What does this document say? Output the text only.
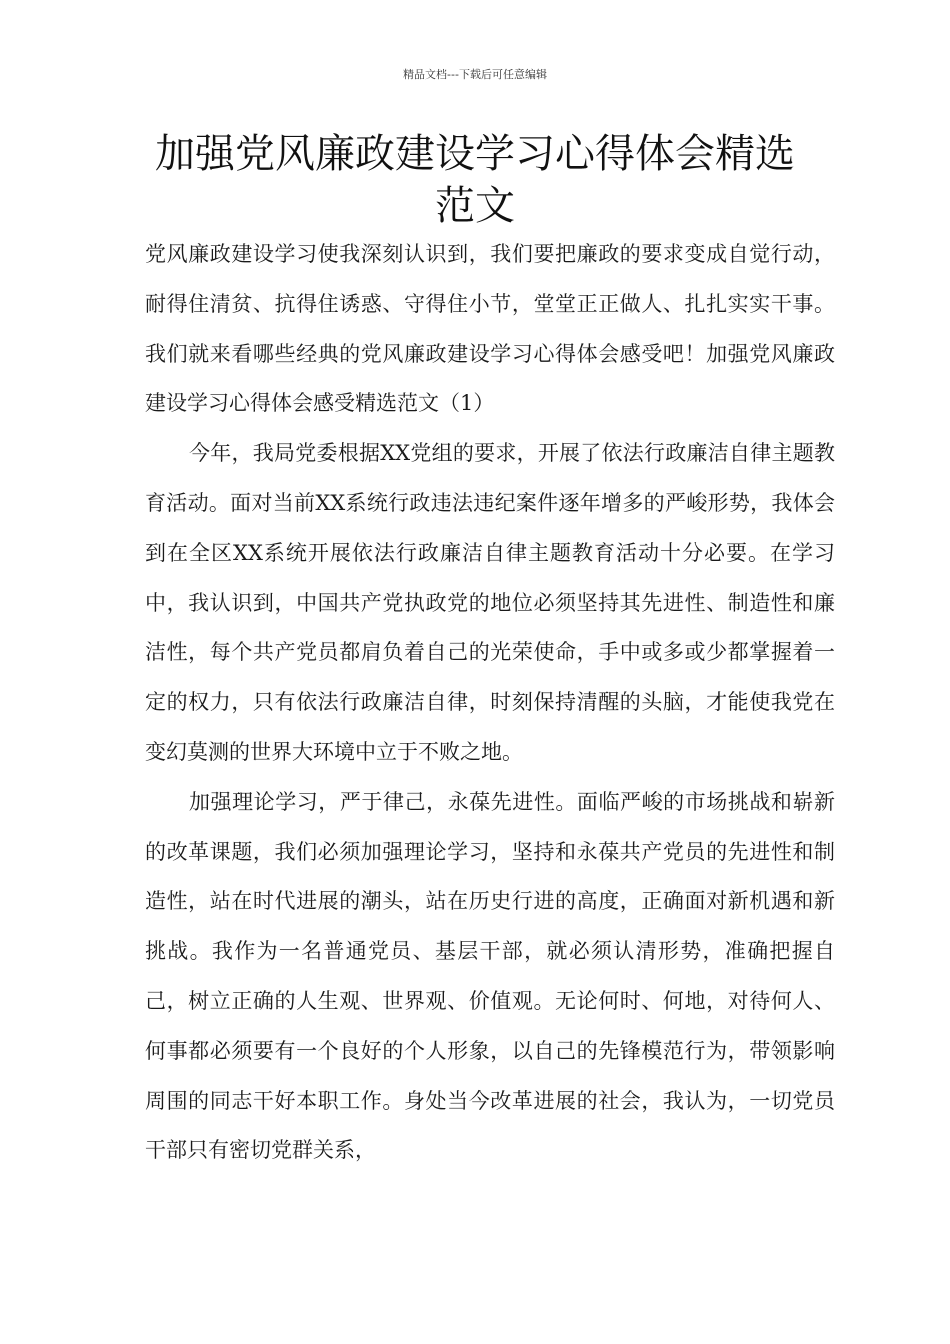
精品文档---下载后可任意编辑
加强党风廉政建设学习心得体会精选范文

党风廉政建设学习使我深刻认识到，我们要把廉政的要求变成自觉行动，耐得住清贫、抗得住诱惑、守得住小节，堂堂正正做人、扎扎实实干事。我们就来看哪些经典的党风廉政建设学习心得体会感受吧！加强党风廉政建设学习心得体会感受精选范文（1）

今年，我局党委根据XX党组的要求，开展了依法行政廉洁自律主题教育活动。面对当前XX系统行政违法违纪案件逐年增多的严峻形势，我体会到在全区XX系统开展依法行政廉洁自律主题教育活动十分必要。在学习中，我认识到，中国共产党执政党的地位必须坚持其先进性、制造性和廉洁性，每个共产党员都肩负着自己的光荣使命，手中或多或少都掌握着一定的权力，只有依法行政廉洁自律，时刻保持清醒的头脑，才能使我党在变幻莫测的世界大环境中立于不败之地。

加强理论学习，严于律己，永葆先进性。面临严峻的市场挑战和崭新的改革课题，我们必须加强理论学习，坚持和永葆共产党员的先进性和制造性，站在时代进展的潮头，站在历史行进的高度，正确面对新机遇和新挑战。我作为一名普通党员、基层干部，就必须认清形势，准确把握自己，树立正确的人生观、世界观、价值观。无论何时、何地，对待何人、何事都必须要有一个良好的个人形象，以自己的先锋模范行为，带领影响周围的同志干好本职工作。身处当今改革进展的社会，我认为，一切党员干部只有密切党群关系，
